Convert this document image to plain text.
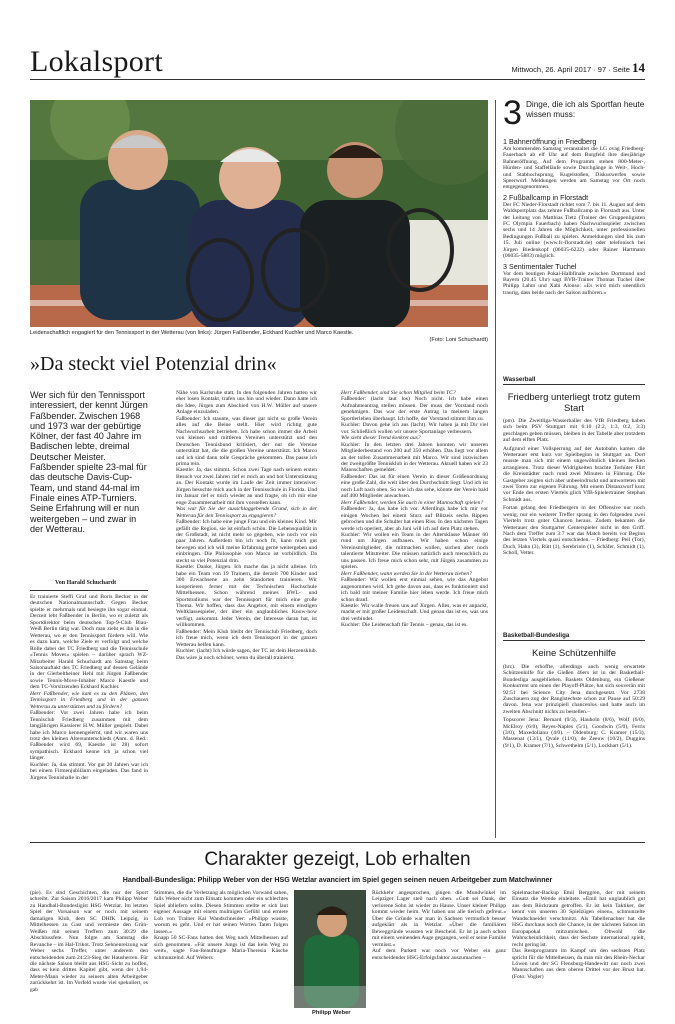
Lokalsport	Mittwoch, 26. April 2017 · 97 · Seite 14
Leidenschaftlich engagiert für den Tennissport in der Wetterau (von links): Jürgen Faßbender, Eckhard Kuchler und Marco Kaestle.
(Foto: Loni Schuchardt)
»Da steckt viel Potenzial drin«
Wer sich für den Tennissport interessiert, der kennt Jürgen Faßbender. Zwischen 1968 und 1973 war der gebürtige Kölner, der fast 40 Jahre im Badischen lebte, dreimal Deutscher Meister. Faßbender spielte 23-mal für das deutsche Davis-Cup-Team, und stand 44-mal im Finale eines ATP-Turniers. Seine Erfahrung will er nun weitergeben – und zwar in der Wetterau.
Von Harald Schuchardt

Er trainierte Steffi Graf und Boris Becker in der deutschen Nationalmannschaft. Gegen Becker spielte er mehrmals und besiegte ihn sogar einmal. Derzeit lebt Faßbender in Berlin, wo er zuletzt als Sportdirektor beim deutschen Top-9-Club Blau-Weiß Berlin tätig war. Doch man zieht es ihn in die Wetterau, wo er den Tennissport fördern will. Wie es dazu kam, welche Ziele er verfolgt und welche Rolle dabei der TC Friedberg und die Tennisschule »Tennis Moves« spielen – darüber sprach WZ-Mitarbeiter Harald Schuchardt am Samstag beim Saisonauftakt des TC Friedberg auf dessen Gelände in der Gierbeltheiner Hehl mit Jürgen Faßbender sowie Tennis-Move-Inhaber Marco Kaestle und dem TC-Vorsitzenden Eckhard Kuchler.

Herr Faßbender, wie kam es zu den Plänen, den Tennissport in Friedberg und in der ganzen Wetterau zu unterstützen und zu fördern?

Faßbender: Vor zwei Jahren habe ich beim Tennisclub Friedberg zusammen mit dem langjährigen Kassierer H.W. Müller gespielt. Dabei habe ich Marco kennengelernt, und wir waren uns trotz des kleinen Altersunterschieds (Anm. d. Red.: Faßbender wird 69, Kaestle ist 28) sofort sympathisch. Eckhard kenne ich ja schon viel länger.

Kuchler: Ja, das stimmt. Vor gut 20 Jahren war ich bei einem Firmenjubiläum eingeladen. Das fand in Jürgens Tennishalle in der

Nähe von Karlsruhe statt. In den folgenden Jahren hatten wir eher losen Kontakt, trafen uns hin und wieder. Dann hatte ich die Idee, Jürgen zum Abschied von H.W. Müller auf unsere Anlage einzuladen.

Faßbender: Ich staunte, was dieser gar nicht so große Verein alles auf die Beine stellt. Hier wird richtig gute Nachwuchsarbeit betrieben. Ich habe schon immer die Arbeit von kleinen und mittleren Vereinen unterstützt und den Deutschen Tennisbund kritisiert, der nur die Vereine unterstützt hat, die die großen Vereine unterstützt. Ich Marco und ich sind dann tolle Gespräche gekommen. Das passe ich prima rein.

Kaestle: Ja, das stimmt. Schon zwei Tage nach seinem ersten Besuch vor zwei Jahren rief er mich an und bot Unterstützung an. Der Kontakt wurde im Laufe der Zeit immer intensiver. Jürgen besuchte mich auch in der Tennisschule in Florida. Und im Januar rief er mich wieder an und fragte, ob ich mir eine enge Zusammenarbeit mit ihm vorstellen kann.

Was war für Sie der ausschlaggebende Grund, sich in der Wetterau für den Tennissport zu engagieren?

Faßbender: Ich habe eine junge Frau und ein kleines Kind. Mir gefällt die Region, sie ist einfach schön. Die Lebensqualität in der Großstadt, ist nicht mehr so gegeben, wie noch vor ein paar Jahren. Außerdem bin ich noch fit, kann mich gut bewegen und ich will meine Erfahrung gerne weitergeben und einbringen. Die Philosophie von Marco ist vorbildlich. Da steckt so viel Potenzial drin.

Kaestle: Danke, Jürgen. Ich mache das ja nicht alleine. Ich habe ein Team von 19 Trainern, die derzeit 700 Kinder und 300 Erwachsene an zehn Standorten trainieren. Wir kooperieren ferner mit der Technischen Hochschule Mittelhessen. Schon während meines BWL- und Sportstudiums war der Tennissport für mich eine große Thema. Wir hoffen, dass das Angebot, mit einem einstigen Weltklassespieler, der über ein unglaubliches Know-how verfügt, ankommt. Jeder Verein, der Interesse daran hat, ist willkommen.

Faßbender: Mein Klub bleibt der Tennisclub Friedberg, doch ich freue mich, wenn ich dem Tennissport in der ganzen Wetterau helfen kann.

Kuchler: (lacht) Ich würde sagen, der TC ist dein Herzensklub. Das wäre ja noch schöner, wenn du überall trainierst.

Herr Faßbender, sind Sie schon Mitglied beim TC?

Faßbender: (lacht laut los) Noch nicht. Ich habe einen Aufnahmeantrag stellen müssen. Der muss der Vorstand noch genehmigen. Das war der erste Antrag in meinem langen Sportlerleben überhaupt. Ich hoffe, der Vorstand stimmt ihm zu.

Kuchler: Davon gehe ich aus (lacht). Wir haben ja mit Dir viel vor. Schließlich wollen wir unsere Sportanlage verbessern.

Wie sieht dieser Trend konkret aus?

Kuchler: In den letzten drei Jahren konnten wir unseren Mitgliederbestand von 200 auf 350 erhöhen. Das liegt vor allem an der tollen Zusammenarbeit mit Marco. Wir sind inzwischen der zweitgrößte Tennisklub in der Wetterau. Aktuell haben wir 23 Mannschaften gemeldet.

Faßbender: Das ist für einen Verein in dieser Größenordnung eine große Zahl, die weit über den Durchschnitt liegt. Und ich ist noch Luft nach oben. So wie ich das sehe, könnte der Verein bald auf 400 Mitglieder anwachsen.

Herr Faßbender, werden Sie auch in einer Mannschaft spielen?

Faßbender: Ja, das habe ich vor. Allerdings habe ich mir vor einigen Wochen bei einem Sturz auf Blitzeis sechs Rippen gebrochen und die Schulter hat einen Riss. In den nächsten Tagen werde ich operiert, aber ab Juni will ich auf dem Platz stehen.

Kuchler: Wir wollen ein Team in der Altersklasse Männer 60 rund um Jürgen aufbauen. Wir haben schon einige Vereinsmitglieder, die mitmachen wollen, suchen aber noch talentierte Mitstreiter. Die müssen natürlich auch menschlich zu uns passen. Ich freue mich schon sehr, mit Jürgen zusammen zu spielen.

Herr Faßbender, wann werden Sie in die Wetterau ziehen?

Faßbender: Wir wollen erst einmal sehen, wie das Angebot angenommen wird. Ich gehe davon aus, dass es funktioniert und ich bald mit meiner Familie hier leben werde. Ich freue mich schon drauf.

Kaestle: Wir walle freuen uns auf Jürgen. Alles, was er anpackt, macht er mit großer Leidenschaft. Und genau das ist es, was uns drei verbindet.

Kuchler: Die Leidenschaft für Tennis – genau, das ist es.

3 Dinge, die ich als Sportfan heute wissen muss:
1 Bahneröffnung in Friedberg

Am kommenden Samstag veranstaltet die LG ovag Friedberg-Fauerbach ab elf Uhr auf dem Burgfeld ihre diesjährige Bahneröffnung. Auf dem Programm stehen 800-Meter-, Hürden- und Staffelläufe sowie Durchgänge in Weit-, Hoch- und Stabhochsprung, Kugelstoßen, Diskuswerfen sowie Speerwurf. Meldungen werden am Samstag vor Ort noch entgegengenommen.

2 Fußballcamp in Florstadt

Der FC Nieder-Florstadt richtet vom 7. bis 11. August auf dem Waldsportplatz das zehnte Fußballcamp in Florstadt aus. Unter der Leitung von Matthias Tietz (Trainer des Gruppenligisten FC Olympia Fauerbach) haben Nachwuchsspieler zwischen sechs und 14 Jahren die Möglichkeit, unter professionellen Bedingungen Fußball zu spielen. Anmeldungen sind bis zum 15. Juli online (www.fc-florstadt.de) oder telefonisch bei Jürgen Biedenkopf (06035-6222) oder Rainer Hartmann (06035-5883) möglich.

3 Sentimentaler Tuchel

Vor dem heutigen Pokal-Halbfinale zwischen Dortmund und Bayern (20.45 Uhr) sagt BVB-Trainer Thomas Tuchel über Philipp Lahm und Xabi Alonso: »Es wird mich unendlich traurig, dass beide nach der Saison aufhören.«

Wasserball
Friedberg unterliegt trotz gutem Start

(pm). Die Zweitliga-Wasserballer des VfB Friedberg haben sich beim PSV Stuttgart mit 6:10 (2:2, 1:3, 0:2, 3:3) geschlagen geben müssen, bleiben in der Tabelle aber trotzdem auf dem elften Platz.

Aufgrund einer Vollsperrung auf der Autobahn kamen die Wetterauer erst kurz vor Spielbeginn in Stuttgart an. Dort musste man sich mit einem ungewöhnlich kleinen Becken arrangieren. Trotz dieser Widrigkeiten brachte Torhüter Flirt die Kreisstädter nach rund zwei Minuten in Führung. Die Gastgeber zeigten sich aber unbeeindruckt und antworteten mit zwei Toren zur eigenen Führung. Mit einem Distanzwurf kurz vor Ende des ersten Viertels glich VfB-Spielertrainer Stephan Schmidt aus.

Fortan gelang den Friedbergern in der Offensive nur noch wenig, nur ein weiterer Treffer sprang in den folgenden zwei Vierteln trotz guter Chancen heraus. Zudem bekamen die Wetterauer den Stuttgarter Centerspieler nicht in den Griff. Nach dem Treffer zum 3:7 war das Match bereits vor Beginn des letzten Viertels quasi entschieden. – Friedberg: Peil (Tor), Duch, Hahn (3), Rütt (1), Serebrinin (1), Schäfer, Schmidt (1), Scholl, Vetter.

Basketball-Bundesliga
Keine Schützenhilfe

(hrz). Die erhoffte, allerdings auch wenig erwartete Schützenhilfe für die Gießen 46ers ist in der Basketball-Bundesliga ausgeblieben. Baskets Oldenburg, ein Gießener Konkurrent um einen der Playoff-Plätze, hat sich souverän mit 92:51 bei Science City Jena durchgesetzt. Vor 2738 Zuschauern zog der Ranglstechste schon zur Pause auf 50:29 davon. Jena war prinzipiell chancenlos und hatte auch im zweiten Abschnitt nichts zu bestellen.–

Topscorer Jena: Bernard (9/3), Hauholn (8/6), Wolf (6/0), McElroy (6/0), Reyes-Naples (5/1), Goodwin (5/0), Ferris (3/0), Maxedolianu (4/0). – Oldenburg: C. Kramer (15/3), Massenat (13/1), Qvale (11/0), de Zeeuw (10/2), Duggins (9/1), D. Kramer (7/1), Schwethelm (5/1), Lockhart (5/1).

Charakter gezeigt, Lob erhalten
Handball-Bundesliga: Philipp Weber von der HSG Wetzlar avanciert im Spiel gegen seinen neuen Arbeitgeber zum Matchwinner
(pie). Es sind Geschichten, die nur der Sport schreibt. Zur Saison 2016/2017 kam Philipp Weber zu Handball-Bundesligist HSG Wetzlar. Im letzten Spiel der Vorsaison war er noch mit seinem damaligen Klub, dem SC DHfK Leipzig, in Mittelhessen zu Gast und vermieste den Grün-Weißen mit seinen Treffern zum 30:29 die Abschlussfete. Nun folgte am Samstag die Revanche – im Hal-Trikot. Trotz Sehnenreizung war Weber sechs Treffer, unter anderem den entscheidenden zum 24:23-Sieg der Hausherren. Für die nächste Saison bleibt aus HSG-Sicht zu hoffen, dass es kein drittes Kapitel gibt, wenn der 1,94-Meter-Mann wieder zu seinem alten Arbeitgeber zurückkehrt ist. Im Vorfeld wurde viel spekuliert, es gab
Stimmen, die die Verletzung als möglichen Vorwand sahen, falls Weber nicht zum Einsatz kommen oder ein schlechtes Spiel abliefern sollte. Diesen Stimmen stellte er sich laut eigener Aussage mit einem mulmigen Gefühl und erntete Lob von Trainer Kai Wandschneider: »Philipp wusste, worum es geht. Und er hat seinen Worten Taten folgen lassen.«
Knapp 50 SC-Fans hatten den Weg nach Mittelhessen auf sich genommen. »Für unsere Jungs ist das kein Weg zu weit«, sagte Fan-Beauftragte Maria-Theresia Käsche schmunzelnd. Auf Webers
Philipp Weber
Rückkehr angesprochen, gingen die Mundwinkel im Leipziger Lager steil nach oben. »Gott sei Dank, der verlorene Sohn ist wieder zu Hause. Unser kleiner Philipp kommt wieder heim. Wir haben uns alle tierisch gefreut.« Über die Gründe war man in Sachsen vermutlich besser aufgeklärt als in Wetzlar. »Über die familiären Beweggründe wussten wir Bescheid. Er ist ja auch schon mit einem weinenden Auge gegangen, weil er seine Familie vermisst.«
Auf dem Parkett war noch vor Weber ein ganz entscheidender HSG-Erfolgsfaktor auszumachen –
Spielmacher-Backup Emil Berggren, der mit seinem Einsatz die Wende einleitete. »Emil hat unglaublich gut aus dem Rückraum getroffen. Er ist kein Taktiker, der kennt von unseren 30 Spielzügen einen«, schmunzelte Wandschneider verschmitzt. Als Tabellenachter hat die HSG durchaus noch die Chance, in der nächsten Saison im Europapokal mitzumischen. Obwohl die Wahrscheinlichkeit, dass der Sechste international spielt, recht gering ist.
Das Restprogramm im Kampf um den sechsten Platz spricht für die Mittelhessen, da man mit den Rhein-Neckar Löwen und der SG Flensburg-Handewitt nur noch zwei Mannschaften aus dem oberen Drittel vor der Brust hat. (Foto: Vogler)
